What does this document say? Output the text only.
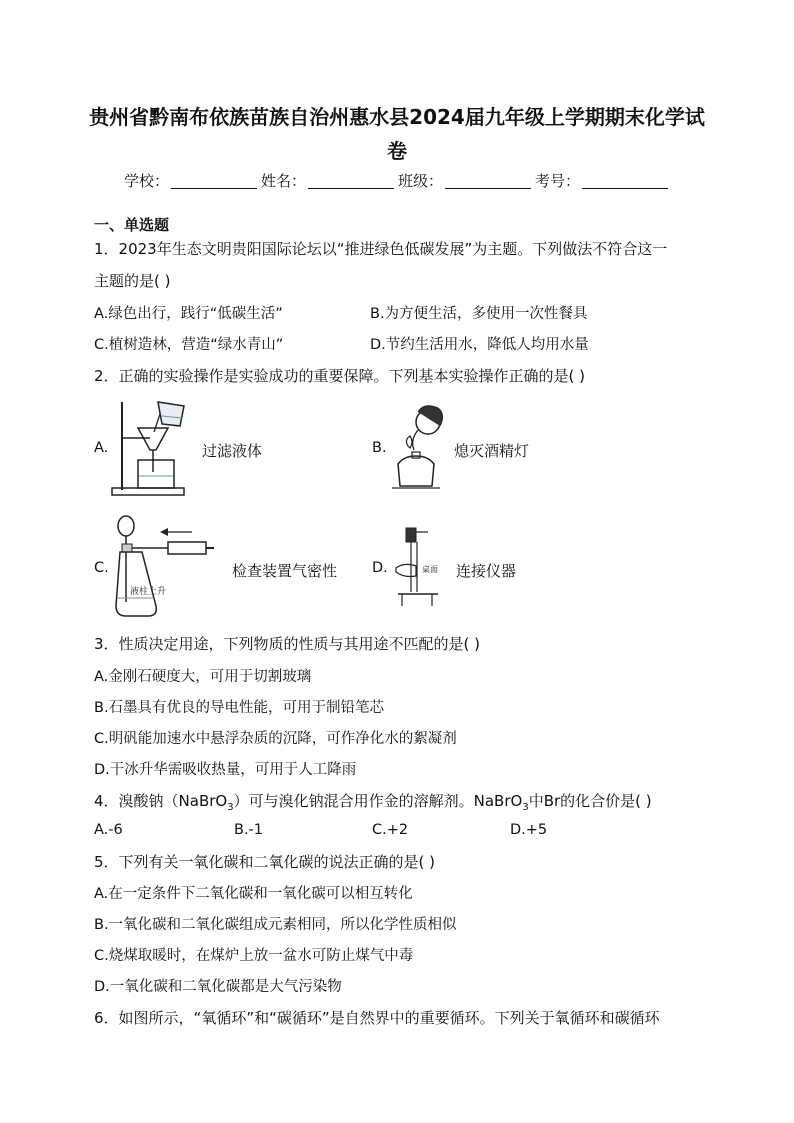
贵州省黔南布依族苗族自治州惠水县2024届九年级上学期期末化学试
卷
学校：	姓名：	班级：	考号：
一、单选题
1．2023年生态文明贵阳国际论坛以“推进绿色低碳发展”为主题。下列做法不符合这一
主题的是( )
A.绿色出行，践行“低碳生活”	B.为方便生活，多使用一次性餐具
C.植树造林，营造“绿水青山”	D.节约生活用水，降低人均用水量
2．正确的实验操作是实验成功的重要保障。下列基本实验操作正确的是( )
A.	过滤液体	B.	熄灭酒精灯
C.
液柱上升
检查装置气密性 D.	桌面 连接仪器
3．性质决定用途，下列物质的性质与其用途不匹配的是( )
A.金刚石硬度大，可用于切割玻璃
B.石墨具有优良的导电性能，可用于制铅笔芯
C.明矾能加速水中悬浮杂质的沉降，可作净化水的絮凝剂
D.干冰升华需吸收热量，可用于人工降雨
4．溴酸钠（NaBrO$_3$）可与溴化钠混合用作金的溶解剂。NaBrO$_3$中Br的化合价是( )
A.-6	B.-1	C.+2	D.+5
5．下列有关一氧化碳和二氧化碳的说法正确的是( )
A.在一定条件下二氧化碳和一氧化碳可以相互转化
B.一氧化碳和二氧化碳组成元素相同，所以化学性质相似
C.烧煤取暖时，在煤炉上放一盆水可防止煤气中毒
D.一氧化碳和二氧化碳都是大气污染物
6．如图所示，“氧循环”和“碳循环”是自然界中的重要循环。下列关于氧循环和碳循环
